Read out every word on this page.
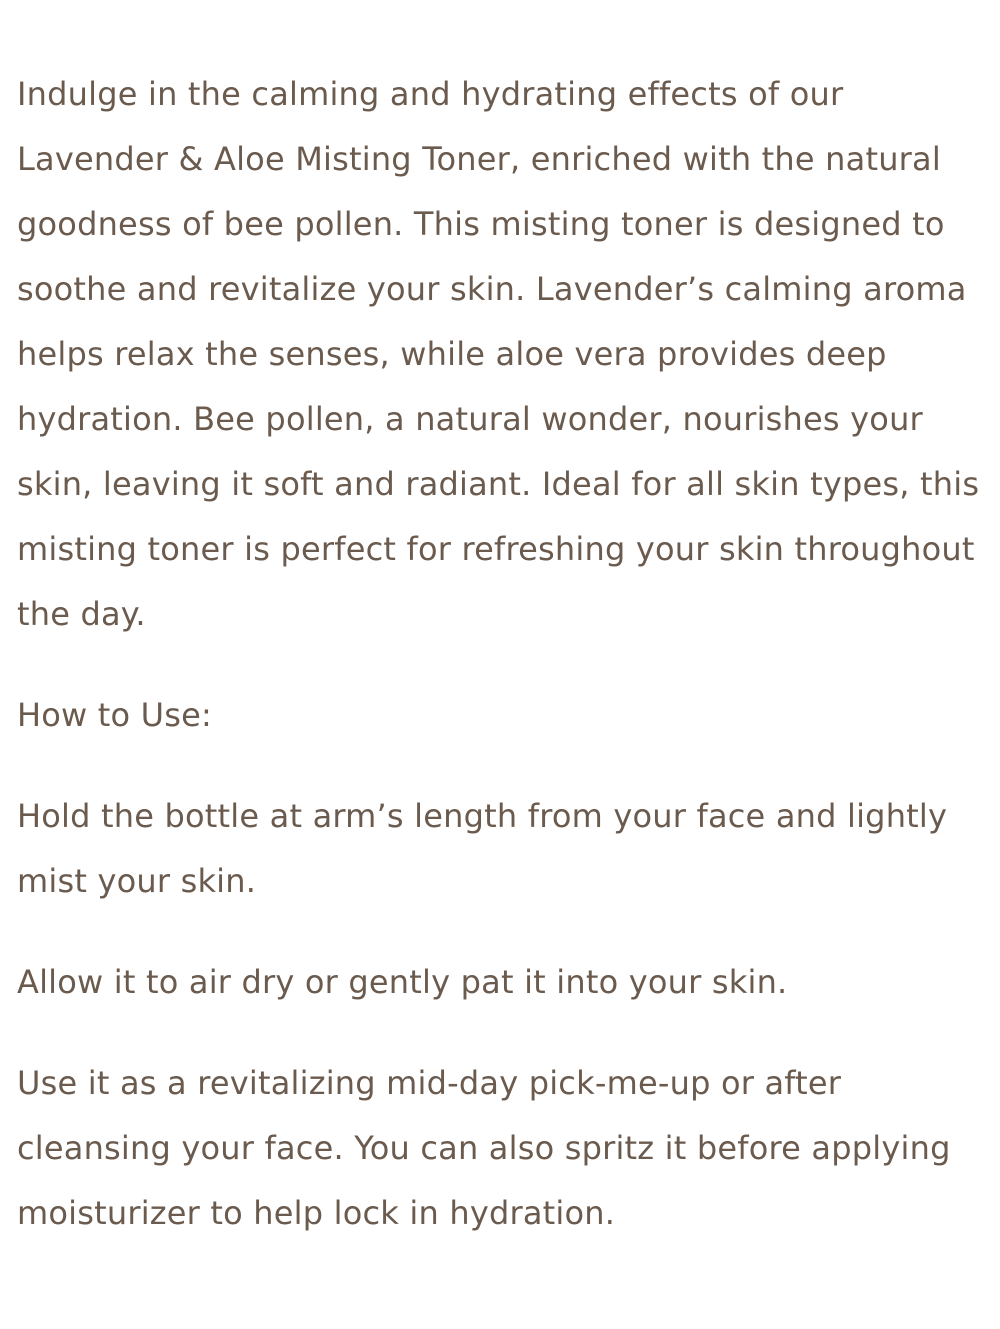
Indulge in the calming and hydrating effects of our Lavender & Aloe Misting Toner, enriched with the natural goodness of bee pollen. This misting toner is designed to soothe and revitalize your skin. Lavender’s calming aroma helps relax the senses, while aloe vera provides deep hydration. Bee pollen, a natural wonder, nourishes your skin, leaving it soft and radiant. Ideal for all skin types, this misting toner is perfect for refreshing your skin throughout the day.

How to Use:

Hold the bottle at arm’s length from your face and lightly mist your skin.

Allow it to air dry or gently pat it into your skin.

Use it as a revitalizing mid-day pick-me-up or after cleansing your face. You can also spritz it before applying moisturizer to help lock in hydration.
